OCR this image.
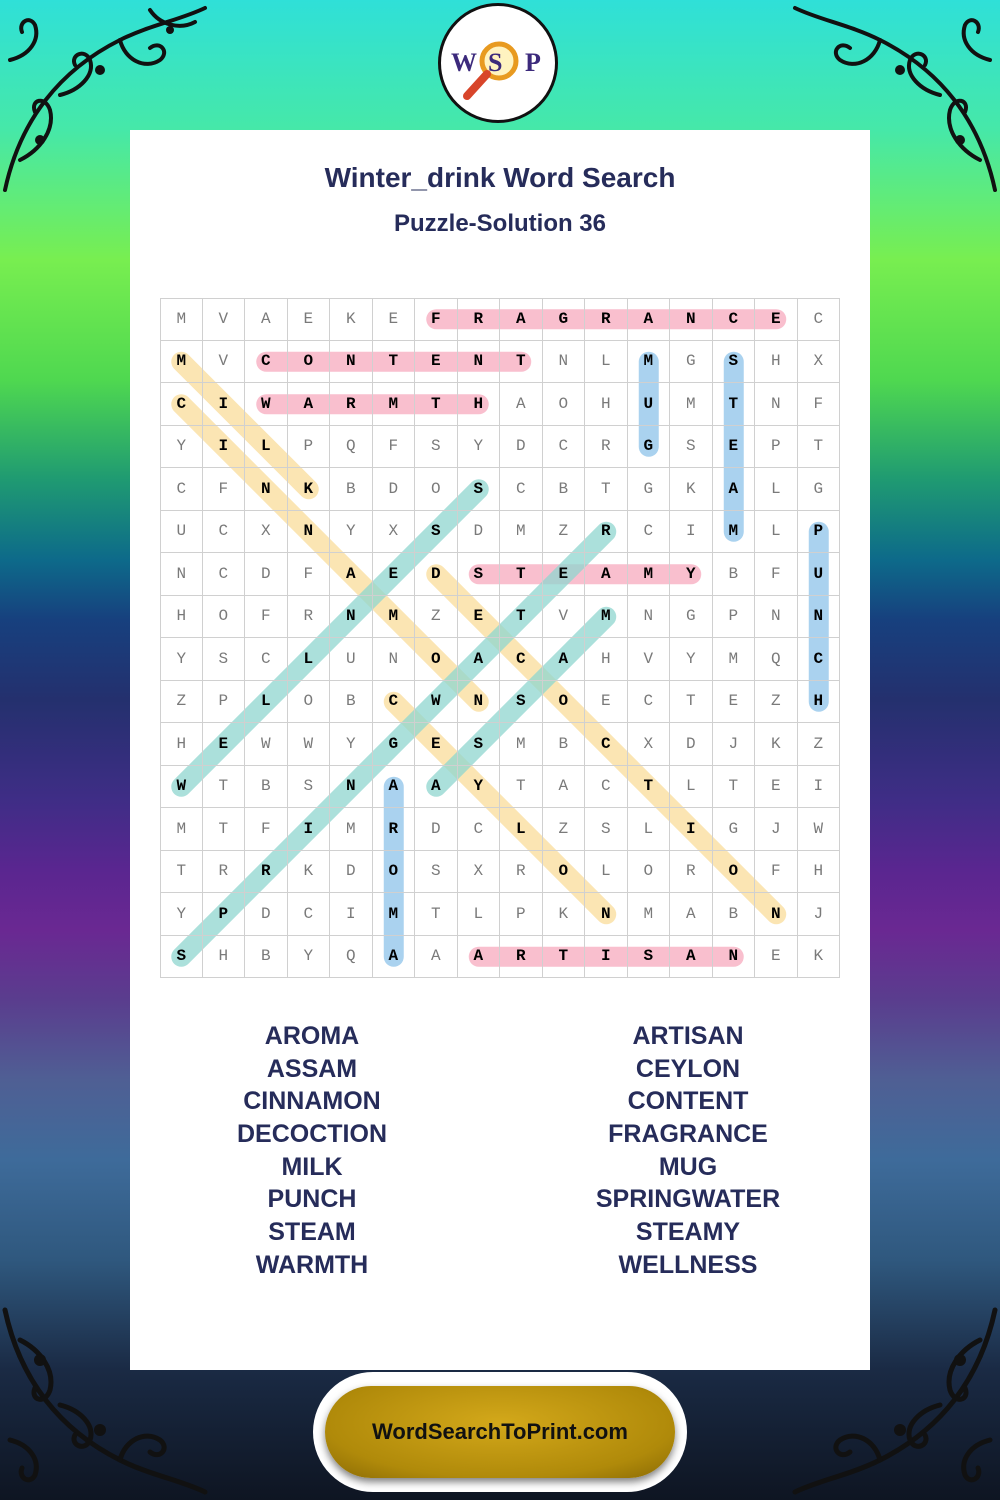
W S P
Winter_drink Word Search
Puzzle-Solution 36
M	V	A	E	K	E	F	R	A	G	R	A	N	C	E	C
M	V	C	O	N	T	E	N	T	N	L	M	G	S	H	X
C	I	W	A	R	M	T	H	A	O	H	U	M	T	N	F
Y	I	L	P	Q	F	S	Y	D	C	R	G	S	E	P	T
C	F	N	K	B	D	O	S	C	B	T	G	K	A	L	G
U	C	X	N	Y	X	S	D	M	Z	R	C	I	M	L	P
N	C	D	F	A	E	D	S	T	E	A	M	Y	B	F	U
H	O	F	R	N	M	Z	E	T	V	M	N	G	P	N	N
Y	S	C	L	U	N	O	A	C	A	H	V	Y	M	Q	C
Z	P	L	O	B	C	W	N	S	O	E	C	T	E	Z	H
H	E	W	W	Y	G	E	S	M	B	C	X	D	J	K	Z
W	T	B	S	N	A	A	Y	T	A	C	T	L	T	E	I
M	T	F	I	M	R	D	C	L	Z	S	L	I	G	J	W
T	R	R	K	D	O	S	X	R	O	L	O	R	O	F	H
Y	P	D	C	I	M	T	L	P	K	N	M	A	B	N	J
S	H	B	Y	Q	A	A	A	R	T	I	S	A	N	E	K
AROMA
ASSAM
CINNAMON
DECOCTION
MILK
PUNCH
STEAM
WARMTH
ARTISAN
CEYLON
CONTENT
FRAGRANCE
MUG
SPRINGWATER
STEAMY
WELLNESS
WordSearchToPrint.com
